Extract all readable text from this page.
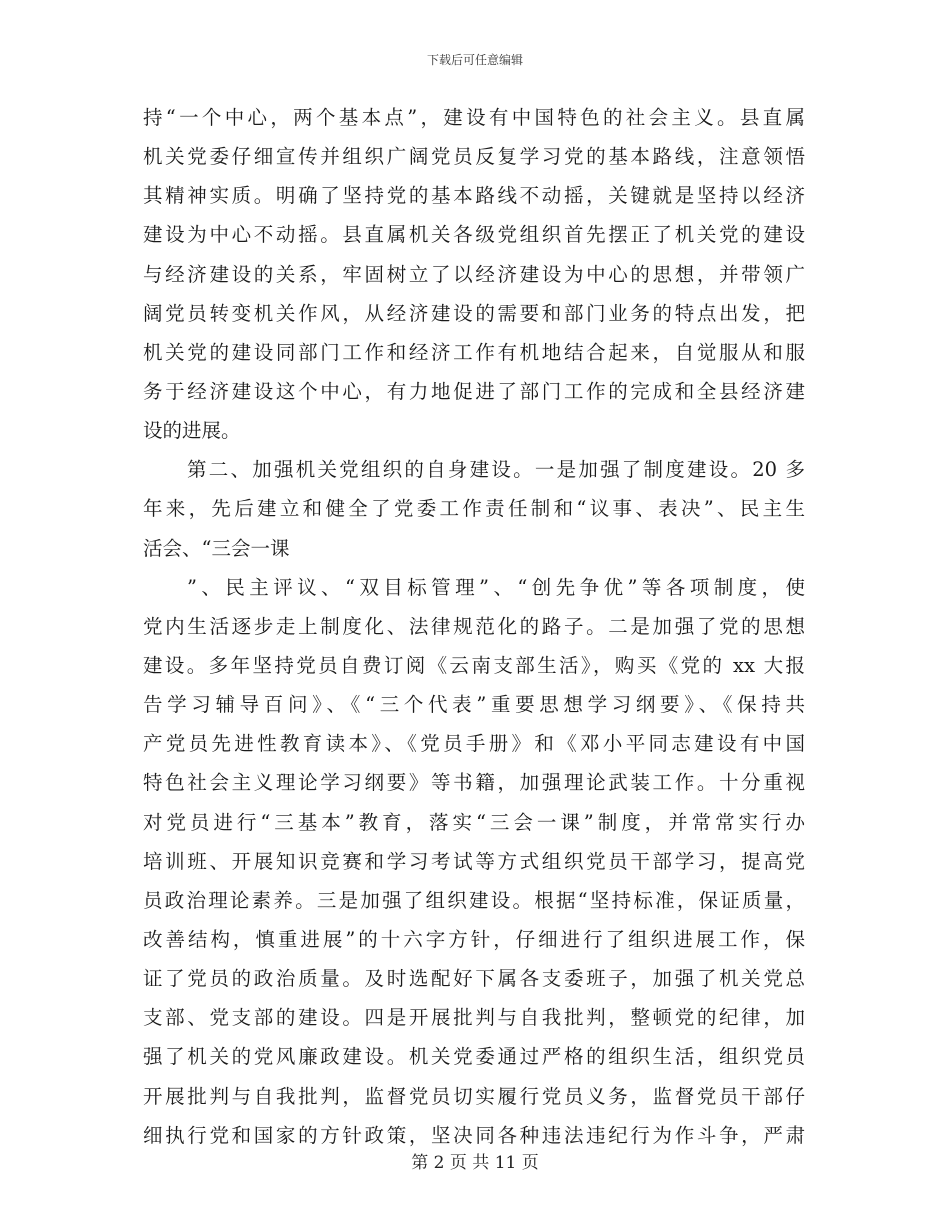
下载后可任意编辑
持“一个中心，两个基本点”，建设有中国特色的社会主义。县直属
机关党委仔细宣传并组织广阔党员反复学习党的基本路线，注意领悟
其精神实质。明确了坚持党的基本路线不动摇，关键就是坚持以经济
建设为中心不动摇。县直属机关各级党组织首先摆正了机关党的建设
与经济建设的关系，牢固树立了以经济建设为中心的思想，并带领广
阔党员转变机关作风，从经济建设的需要和部门业务的特点出发，把
机关党的建设同部门工作和经济工作有机地结合起来，自觉服从和服
务于经济建设这个中心，有力地促进了部门工作的完成和全县经济建
设的进展。
第二、加强机关党组织的自身建设。一是加强了制度建设。20 多
年来，先后建立和健全了党委工作责任制和“议事、表决”、民主生
活会、“三会一课
”、民主评议、“双目标管理”、“创先争优”等各项制度，使
党内生活逐步走上制度化、法律规范化的路子。二是加强了党的思想
建设。多年坚持党员自费订阅《云南支部生活》，购买《党的 xx 大报
告学习辅导百问》、《“三个代表”重要思想学习纲要》、《保持共
产党员先进性教育读本》、《党员手册》和《邓小平同志建设有中国
特色社会主义理论学习纲要》等书籍，加强理论武装工作。十分重视
对党员进行“三基本”教育，落实“三会一课”制度，并常常实行办
培训班、开展知识竞赛和学习考试等方式组织党员干部学习，提高党
员政治理论素养。三是加强了组织建设。根据“坚持标准，保证质量，
改善结构，慎重进展”的十六字方针，仔细进行了组织进展工作，保
证了党员的政治质量。及时选配好下属各支委班子，加强了机关党总
支部、党支部的建设。四是开展批判与自我批判，整顿党的纪律，加
强了机关的党风廉政建设。机关党委通过严格的组织生活，组织党员
开展批判与自我批判，监督党员切实履行党员义务，监督党员干部仔
细执行党和国家的方针政策，坚决同各种违法违纪行为作斗争，严肃
第 2 页 共 11 页
